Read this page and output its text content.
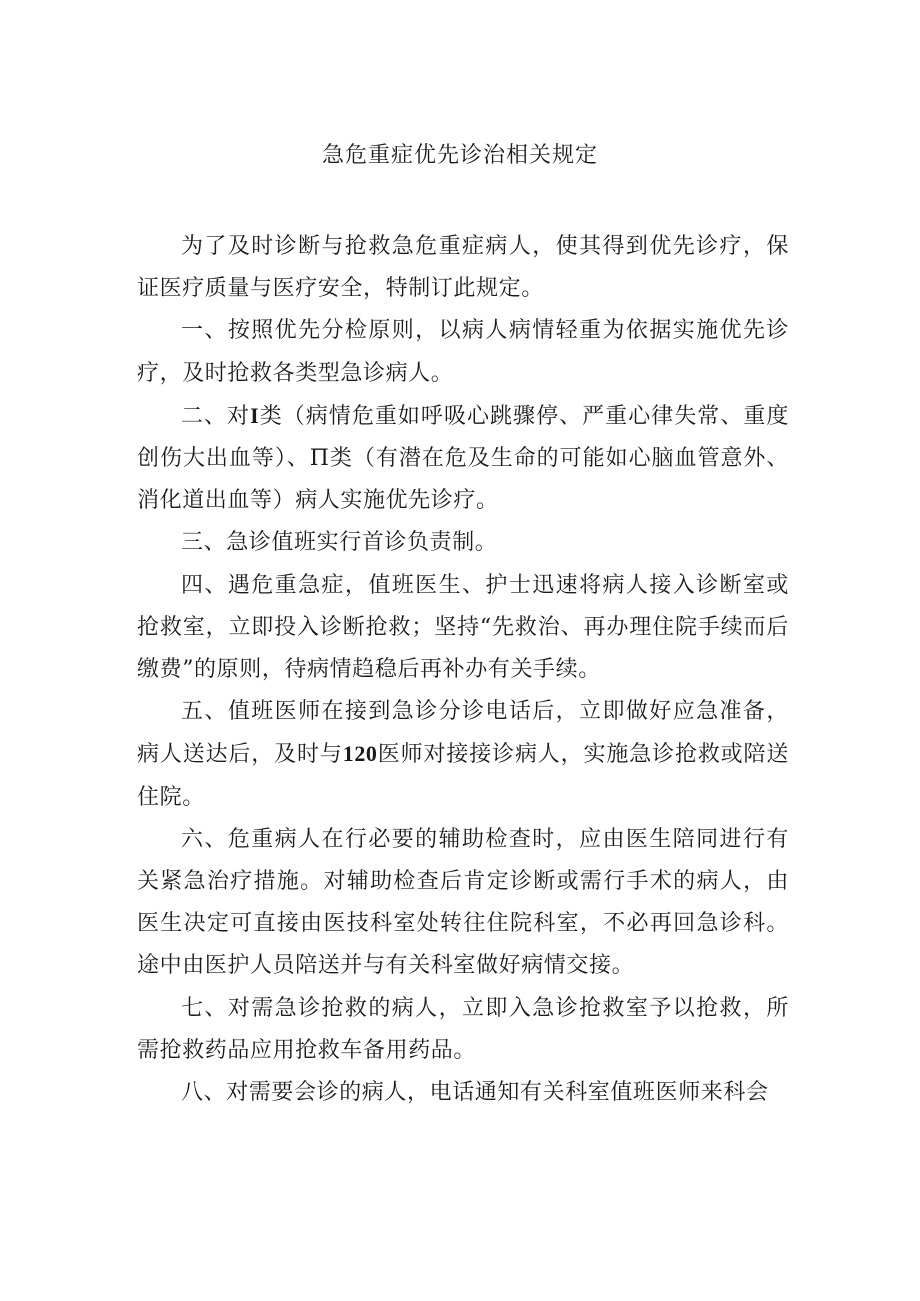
急危重症优先诊治相关规定

为了及时诊断与抢救急危重症病人，使其得到优先诊疗，保证医疗质量与医疗安全，特制订此规定。

一、按照优先分检原则，以病人病情轻重为依据实施优先诊疗，及时抢救各类型急诊病人。

二、对I类（病情危重如呼吸心跳骤停、严重心律失常、重度创伤大出血等）、Π类（有潜在危及生命的可能如心脑血管意外、消化道出血等）病人实施优先诊疗。

三、急诊值班实行首诊负责制。

四、遇危重急症，值班医生、护士迅速将病人接入诊断室或抢救室，立即投入诊断抢救；坚持“先救治、再办理住院手续而后缴费”的原则，待病情趋稳后再补办有关手续。

五、值班医师在接到急诊分诊电话后，立即做好应急准备，病人送达后，及时与120医师对接接诊病人，实施急诊抢救或陪送住院。

六、危重病人在行必要的辅助检查时，应由医生陪同进行有关紧急治疗措施。对辅助检查后肯定诊断或需行手术的病人，由医生决定可直接由医技科室处转往住院科室，不必再回急诊科。途中由医护人员陪送并与有关科室做好病情交接。

七、对需急诊抢救的病人，立即入急诊抢救室予以抢救，所需抢救药品应用抢救车备用药品。

八、对需要会诊的病人，电话通知有关科室值班医师来科会
